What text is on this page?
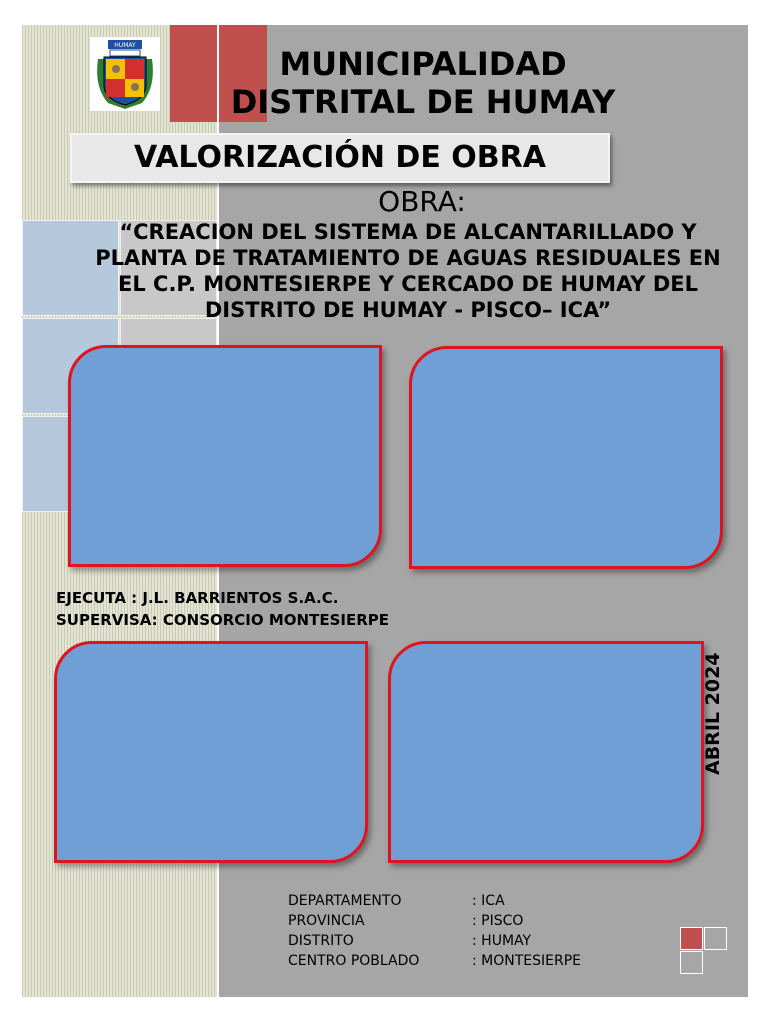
HUMAY	MUNICIPALIDAD
DISTRITAL DE HUMAY
VALORIZACIÓN DE OBRA
OBRA:
“CREACION DEL SISTEMA DE ALCANTARILLADO Y PLANTA DE TRATAMIENTO DE AGUAS RESIDUALES EN EL C.P. MONTESIERPE Y CERCADO DE HUMAY DEL DISTRITO DE HUMAY - PISCO– ICA”
EJECUTA : J.L. BARRIENTOS S.A.C.
SUPERVISA: CONSORCIO MONTESIERPE
ABRIL 2024
DEPARTAMENTO	: ICA
PROVINCIA	: PISCO
DISTRITO	: HUMAY
CENTRO POBLADO	: MONTESIERPE
